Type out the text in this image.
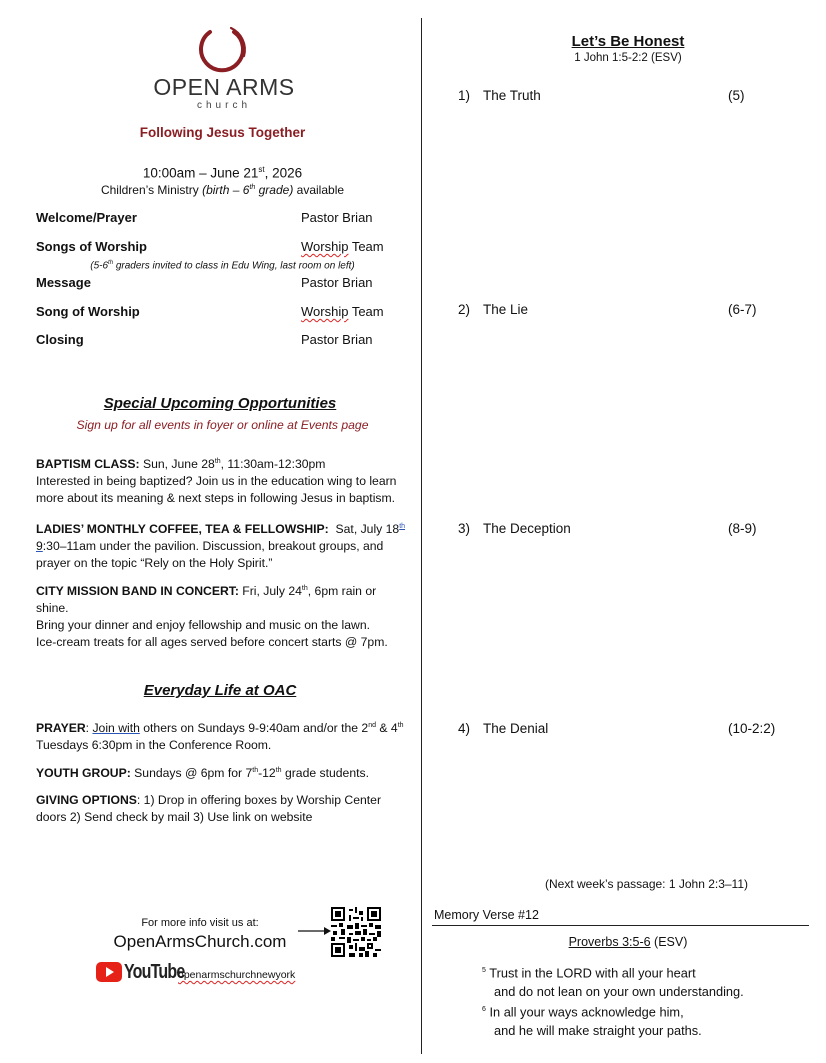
OPEN ARMS
church
Following Jesus Together
10:00am – June 21st, 2026
Children’s Ministry (birth – 6th grade) available
Welcome/Prayer	Pastor Brian
Songs of Worship	Worship Team
(5-6th graders invited to class in Edu Wing, last room on left)
Message	Pastor Brian
Song of Worship	Worship Team
Closing	Pastor Brian
Special Upcoming Opportunities
Sign up for all events in foyer or online at Events page
BAPTISM CLASS: Sun, June 28th, 11:30am-12:30pm
Interested in being baptized? Join us in the education wing to learn
more about its meaning & next steps in following Jesus in baptism.
LADIES’ MONTHLY COFFEE, TEA & FELLOWSHIP:  Sat, July 18th
9:30–11am under the pavilion. Discussion, breakout groups, and
prayer on the topic “Rely on the Holy Spirit.”
CITY MISSION BAND IN CONCERT: Fri, July 24th, 6pm rain or shine.
Bring your dinner and enjoy fellowship and music on the lawn.
Ice-cream treats for all ages served before concert starts @ 7pm.
Everyday Life at OAC
PRAYER: Join with others on Sundays 9-9:40am and/or the 2nd & 4th
Tuesdays 6:30pm in the Conference Room.
YOUTH GROUP: Sundays @ 6pm for 7th-12th grade students.
GIVING OPTIONS: 1) Drop in offering boxes by Worship Center
doors 2) Send check by mail 3) Use link on website
For more info visit us at:
OpenArmsChurch.com
YouTube
openarmschurchnewyork
Let’s Be Honest
1 John 1:5-2:2 (ESV)
1) The Truth	(5)
2) The Lie	(6-7)
3) The Deception	(8-9)
4) The Denial	(10-2:2)
(Next week’s passage: 1 John 2:3–11)
Memory Verse #12
Proverbs 3:5-6 (ESV)
$^5$ Trust in the LORD with all your heart
and do not lean on your own understanding.
$^6$ In all your ways acknowledge him,
and he will make straight your paths.
